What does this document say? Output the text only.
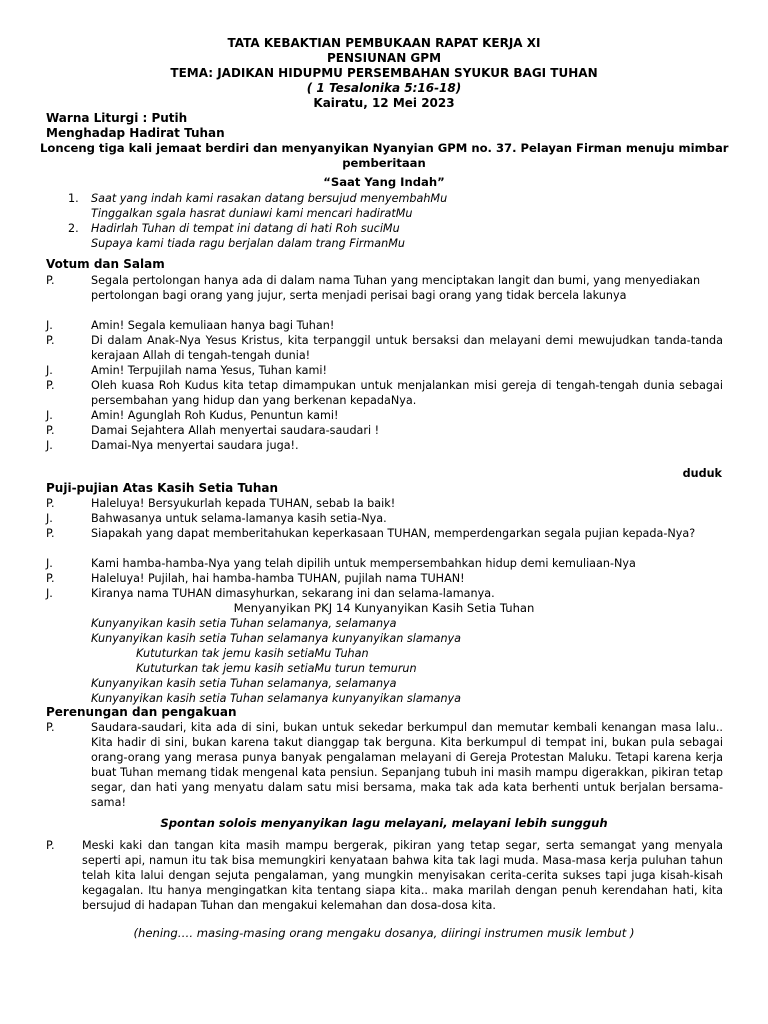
TATA KEBAKTIAN PEMBUKAAN RAPAT KERJA XI
PENSIUNAN GPM
TEMA: JADIKAN HIDUPMU PERSEMBAHAN SYUKUR BAGI TUHAN
( 1 Tesalonika 5:16-18)
Kairatu, 12 Mei 2023
Warna Liturgi : Putih
Menghadap Hadirat Tuhan
Lonceng tiga kali jemaat berdiri dan menyanyikan Nyanyian GPM no. 37. Pelayan Firman menuju mimbar
pemberitaan
“Saat Yang Indah”
1. Saat yang indah kami rasakan datang bersujud menyembahMu
Tinggalkan sgala hasrat duniawi kami mencari hadiratMu
2. Hadirlah Tuhan di tempat ini datang di hati Roh suciMu
Supaya kami tiada ragu berjalan dalam trang FirmanMu
Votum dan Salam
P.	Segala pertolongan hanya ada di dalam nama Tuhan yang menciptakan langit dan bumi, yang menyediakan pertolongan bagi orang yang jujur, serta menjadi perisai bagi orang yang tidak bercela lakunya
J.	Amin! Segala kemuliaan hanya bagi Tuhan!
P.	Di dalam Anak-Nya Yesus Kristus, kita terpanggil untuk bersaksi dan melayani demi mewujudkan tanda-tanda kerajaan Allah di tengah-tengah dunia!
J.	Amin! Terpujilah nama Yesus, Tuhan kami!
P.	Oleh kuasa Roh Kudus kita tetap dimampukan untuk menjalankan misi gereja di tengah-tengah dunia sebagai persembahan yang hidup dan yang berkenan kepadaNya.
J.	Amin! Agunglah Roh Kudus, Penuntun kami!
P.	Damai Sejahtera Allah menyertai saudara-saudari !
J.	Damai-Nya menyertai saudara juga!.
duduk
Puji-pujian Atas Kasih Setia Tuhan
P.	Haleluya! Bersyukurlah kepada TUHAN, sebab Ia baik!
J.	Bahwasanya untuk selama-lamanya kasih setia-Nya.
P.	Siapakah yang dapat memberitahukan keperkasaan TUHAN, memperdengarkan segala pujian kepada-Nya?
J.	Kami hamba-hamba-Nya yang telah dipilih untuk mempersembahkan hidup demi kemuliaan-Nya
P.	Haleluya! Pujilah, hai hamba-hamba TUHAN, pujilah nama TUHAN!
J.	Kiranya nama TUHAN dimasyhurkan, sekarang ini dan selama-lamanya.
Menyanyikan PKJ 14 Kunyanyikan Kasih Setia Tuhan
Kunyanyikan kasih setia Tuhan selamanya, selamanya
Kunyanyikan kasih setia Tuhan selamanya kunyanyikan slamanya
Kututurkan tak jemu kasih setiaMu Tuhan
Kututurkan tak jemu kasih setiaMu turun temurun
Kunyanyikan kasih setia Tuhan selamanya, selamanya
Kunyanyikan kasih setia Tuhan selamanya kunyanyikan slamanya
Perenungan dan pengakuan
P.	Saudara-saudari, kita ada di sini, bukan untuk sekedar berkumpul dan memutar kembali kenangan masa lalu.. Kita hadir di sini, bukan karena takut dianggap tak berguna. Kita berkumpul di tempat ini, bukan pula sebagai orang-orang yang merasa punya banyak pengalaman melayani di Gereja Protestan Maluku. Tetapi karena kerja buat Tuhan memang tidak mengenal kata pensiun. Sepanjang tubuh ini masih mampu digerakkan, pikiran tetap segar, dan hati yang menyatu dalam satu misi bersama, maka tak ada kata berhenti untuk berjalan bersama-sama!
Spontan solois menyanyikan lagu melayani, melayani lebih sungguh
P. Meski kaki dan tangan kita masih mampu bergerak, pikiran yang tetap segar, serta semangat yang menyala seperti api, namun itu tak bisa memungkiri kenyataan bahwa kita tak lagi muda. Masa-masa kerja puluhan tahun telah kita lalui dengan sejuta pengalaman, yang mungkin menyisakan cerita-cerita sukses tapi juga kisah-kisah kegagalan. Itu hanya mengingatkan kita tentang siapa kita.. maka marilah dengan penuh kerendahan hati, kita bersujud di hadapan Tuhan dan mengakui kelemahan dan dosa-dosa kita.
(hening…. masing-masing orang mengaku dosanya, diiringi instrumen musik lembut )
